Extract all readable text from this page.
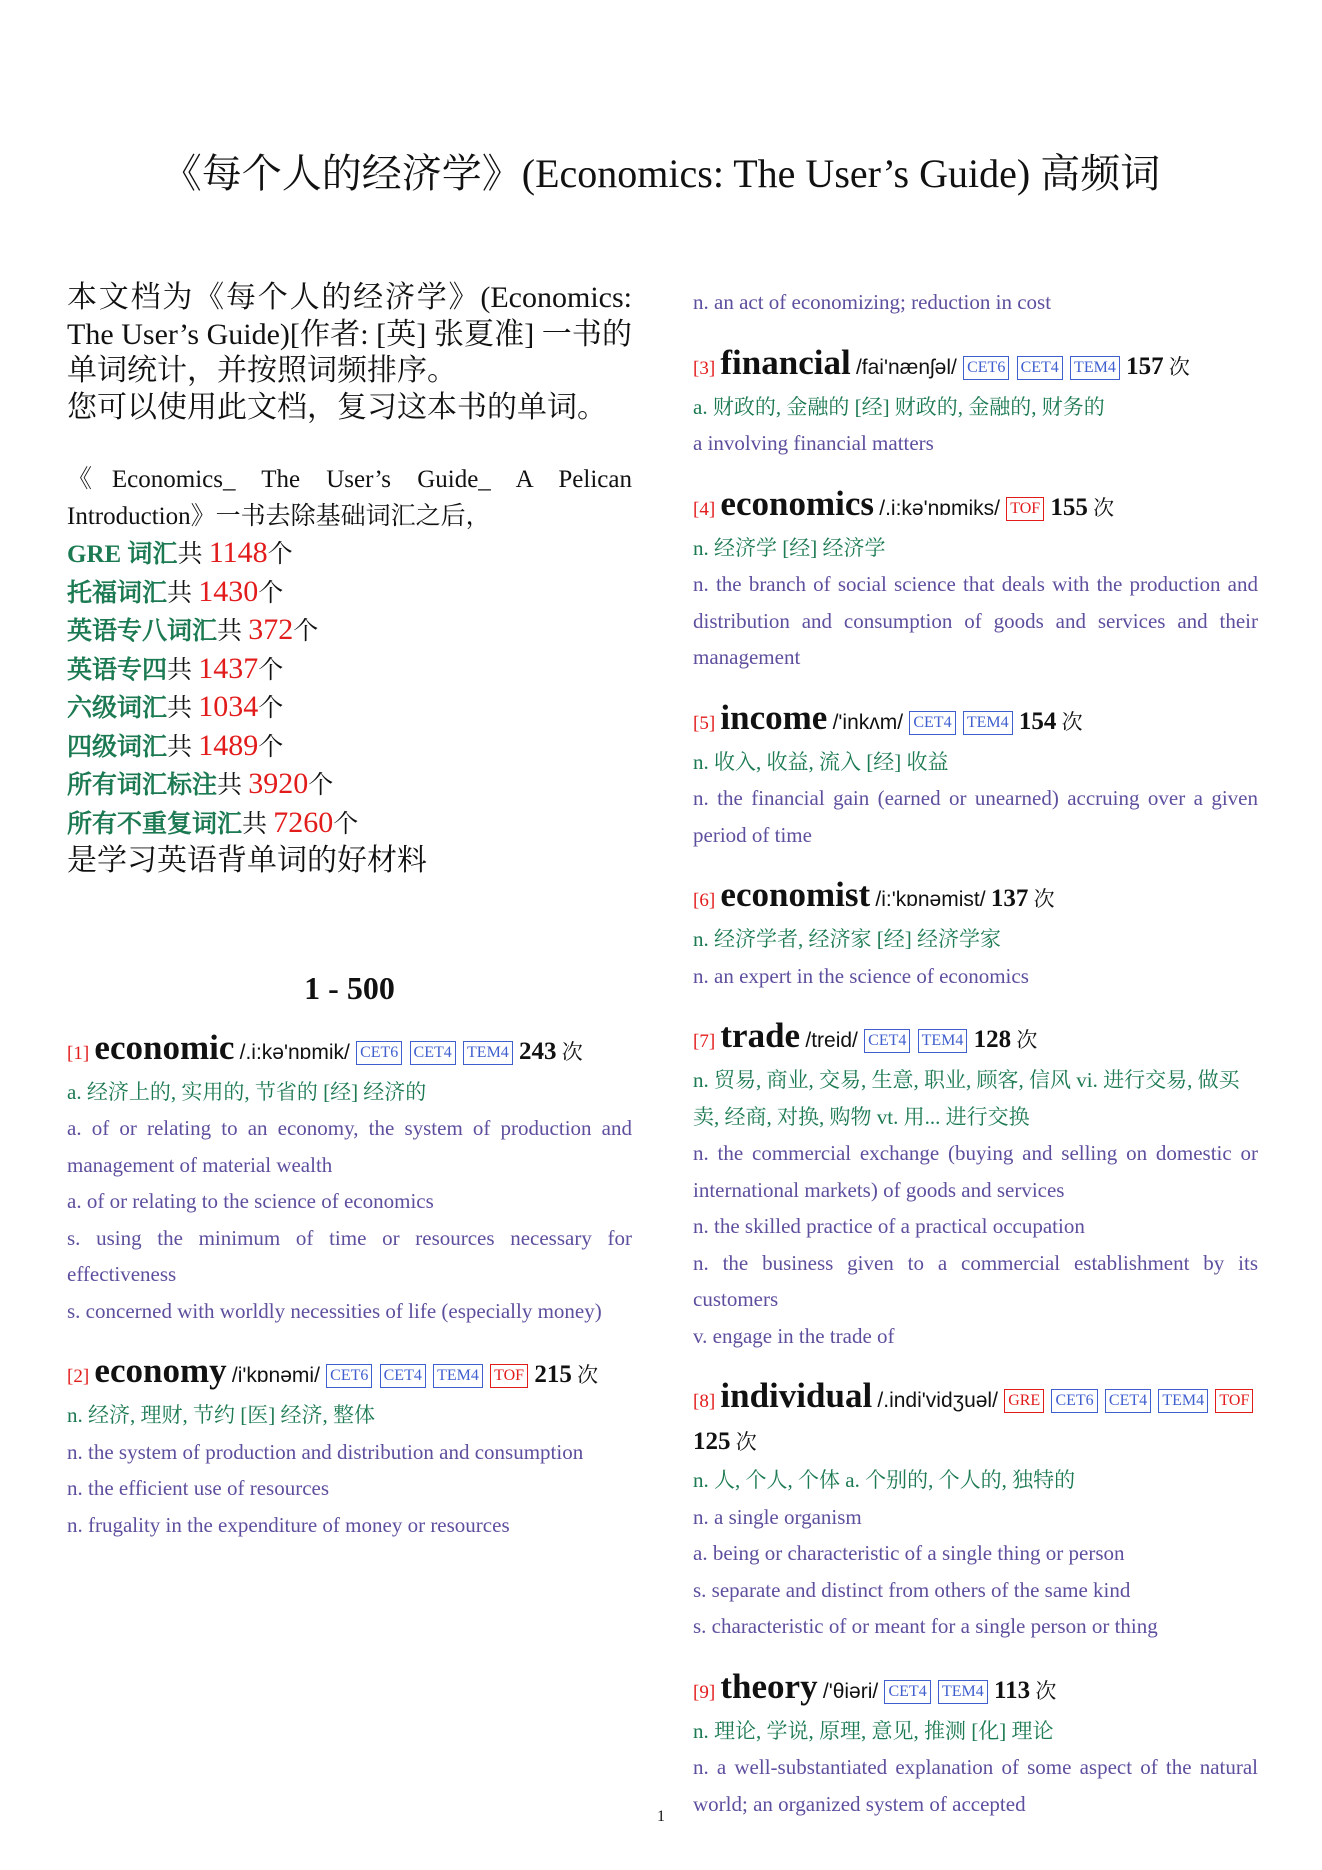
《每个人的经济学》(Economics: The User’s Guide) 高频词

本文档为《每个人的经济学》(Economics: The User’s Guide)[作者: [英] 张夏准] 一书的单词统计，并按照词频排序。

您可以使用此文档，复习这本书的单词。

《Economics_ The User’s Guide_ A Pelican Introduction》一书去除基础词汇之后，

GRE 词汇共 1148个
托福词汇共 1430个
英语专八词汇共 372个
英语专四共 1437个
六级词汇共 1034个
四级词汇共 1489个
所有词汇标注共 3920个
所有不重复词汇共 7260个
是学习英语背单词的好材料
1 - 500
[1] economic /.i:kə'nɒmik/ CET6 CET4 TEM4 243 次
a. 经济上的, 实用的, 节省的 [经] 经济的
a. of or relating to an economy, the system of production and management of material wealth
a. of or relating to the science of economics
s. using the minimum of time or resources necessary for effectiveness
s. concerned with worldly necessities of life (especially money)
[2] economy /i'kɒnəmi/ CET6 CET4 TEM4 TOF 215 次
n. 经济, 理财, 节约 [医] 经济, 整体
n. the system of production and distribution and consumption
n. the efficient use of resources
n. frugality in the expenditure of money or resources
n. an act of economizing; reduction in cost
[3] financial /fai'nænʃəl/ CET6 CET4 TEM4 157 次
a. 财政的, 金融的 [经] 财政的, 金融的, 财务的
a involving financial matters
[4] economics /.i:kə'nɒmiks/ TOF 155 次
n. 经济学 [经] 经济学
n. the branch of social science that deals with the production and distribution and consumption of goods and services and their management
[5] income /'inkʌm/ CET4 TEM4 154 次
n. 收入, 收益, 流入 [经] 收益
n. the financial gain (earned or unearned) accruing over a given period of time
[6] economist /i:'kɒnəmist/ 137 次
n. 经济学者, 经济家 [经] 经济学家
n. an expert in the science of economics
[7] trade /treid/ CET4 TEM4 128 次
n. 贸易, 商业, 交易, 生意, 职业, 顾客, 信风 vi. 进行交易, 做买卖, 经商, 对换, 购物 vt. 用... 进行交换
n. the commercial exchange (buying and selling on domestic or international markets) of goods and services
n. the skilled practice of a practical occupation
n. the business given to a commercial establishment by its customers
v. engage in the trade of
[8] individual /.indi'vidʒuəl/ GRE CET6 CET4 TEM4 TOF 125 次
n. 人, 个人, 个体 a. 个别的, 个人的, 独特的
n. a single organism
a. being or characteristic of a single thing or person
s. separate and distinct from others of the same kind
s. characteristic of or meant for a single person or thing
[9] theory /'θiəri/ CET4 TEM4 113 次
n. 理论, 学说, 原理, 意见, 推测 [化] 理论
n. a well-substantiated explanation of some aspect of the natural world; an organized system of accepted
1
